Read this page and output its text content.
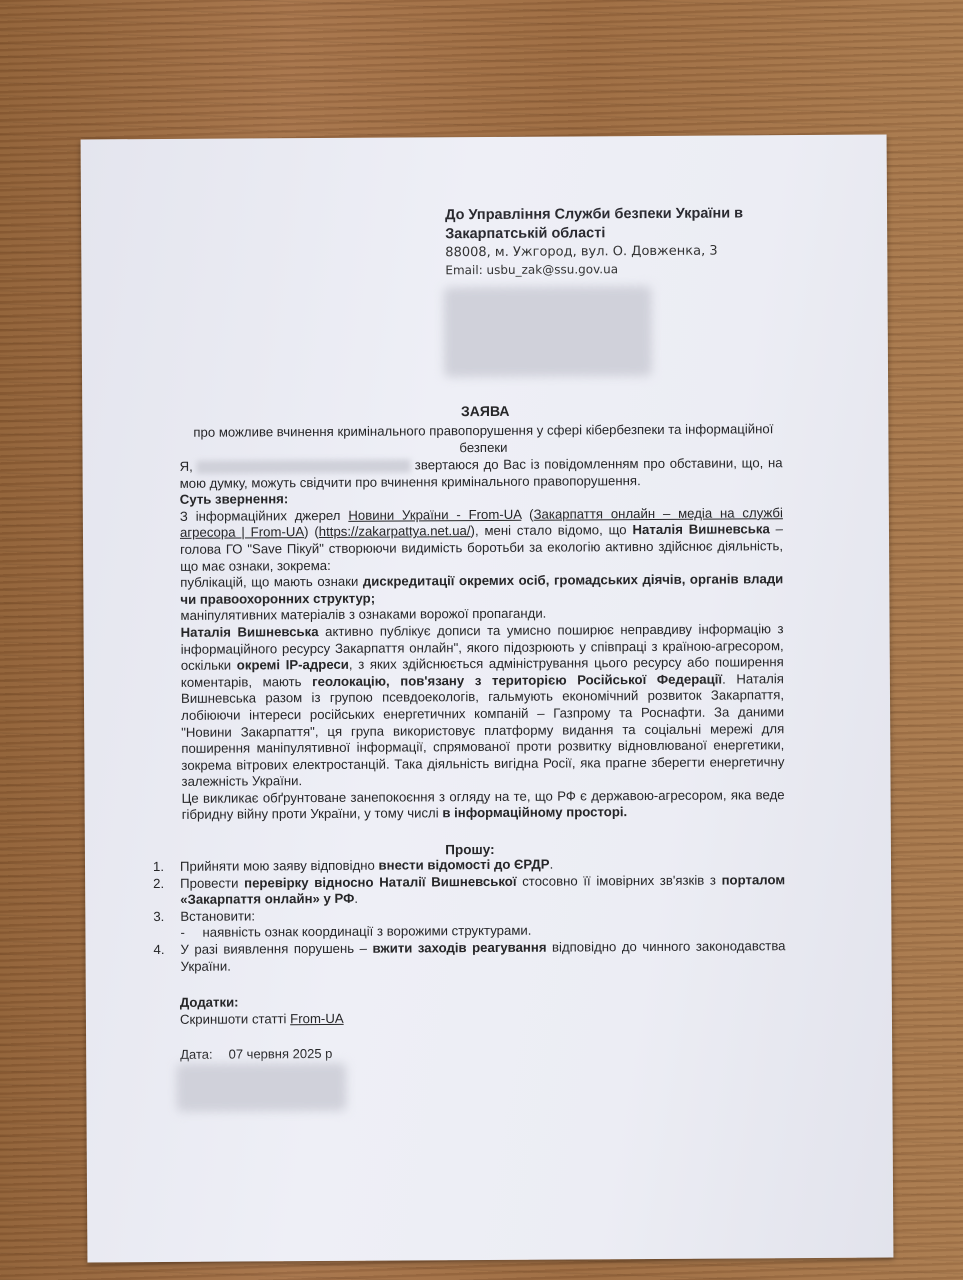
До Управління Служби безпеки України в
Закарпатській області
88008, м. Ужгород, вул. О. Довженка, 3
Email: usbu_zak@ssu.gov.ua
ЗАЯВА
про можливе вчинення кримінального правопорушення у сфері кібербезпеки та інформаційної безпеки

Я,	звертаюся до Вас із повідомленням про обставини, що, на мою думку, можуть свідчити про вчинення кримінального правопорушення.

Суть звернення:

З інформаційних джерел Новини України - From-UA (Закарпаття онлайн – медіа на службі агресора | From-UA) (https://zakarpattya.net.ua/), мені стало відомо, що Наталія Вишневська – голова ГО "Save Пікуй" створюючи видимість боротьби за екологію активно здійснює діяльність, що має ознаки, зокрема:

публікацій, що мають ознаки дискредитації окремих осіб, громадських діячів, органів влади чи правоохоронних структур;

маніпулятивних матеріалів з ознаками ворожої пропаганди.

Наталія Вишневська активно публікує дописи та умисно поширює неправдиву інформацію з інформаційного ресурсу Закарпаття онлайн", якого підозрюють у співпраці з країною-агресором, оскільки окремі IP-адреси, з яких здійснюється адміністрування цього ресурсу або поширення коментарів, мають геолокацію, пов'язану з територією Російської Федерації. Наталія Вишневська разом із групою псевдоекологів, гальмують економічний розвиток Закарпаття, лобіюючи інтереси російських енергетичних компаній – Газпрому та Роснафти. За даними "Новини Закарпаття", ця група використовує платформу видання та соціальні мережі для поширення маніпулятивної інформації, спрямованої проти розвитку відновлюваної енергетики, зокрема вітрових електростанцій. Така діяльність вигідна Росії, яка прагне зберегти енергетичну залежність України.

Це викликає обґрунтоване занепокоєння з огляду на те, що РФ є державою-агресором, яка веде гібридну війну проти України, у тому числі в інформаційному просторі.

Прошу:
1. Прийняти мою заяву відповідно внести відомості до ЄРДР.
2. Провести перевірку відносно Наталії Вишневської стосовно її імовірних зв'язків з порталом «Закарпаття онлайн» у РФ.
3. Встановити:
- наявність ознак координації з ворожими структурами.
4. У разі виявлення порушень – вжити заходів реагування відповідно до чинного законодавства України.
Додатки:
Скриншоти статті From-UA
Дата: 07 червня 2025 р
